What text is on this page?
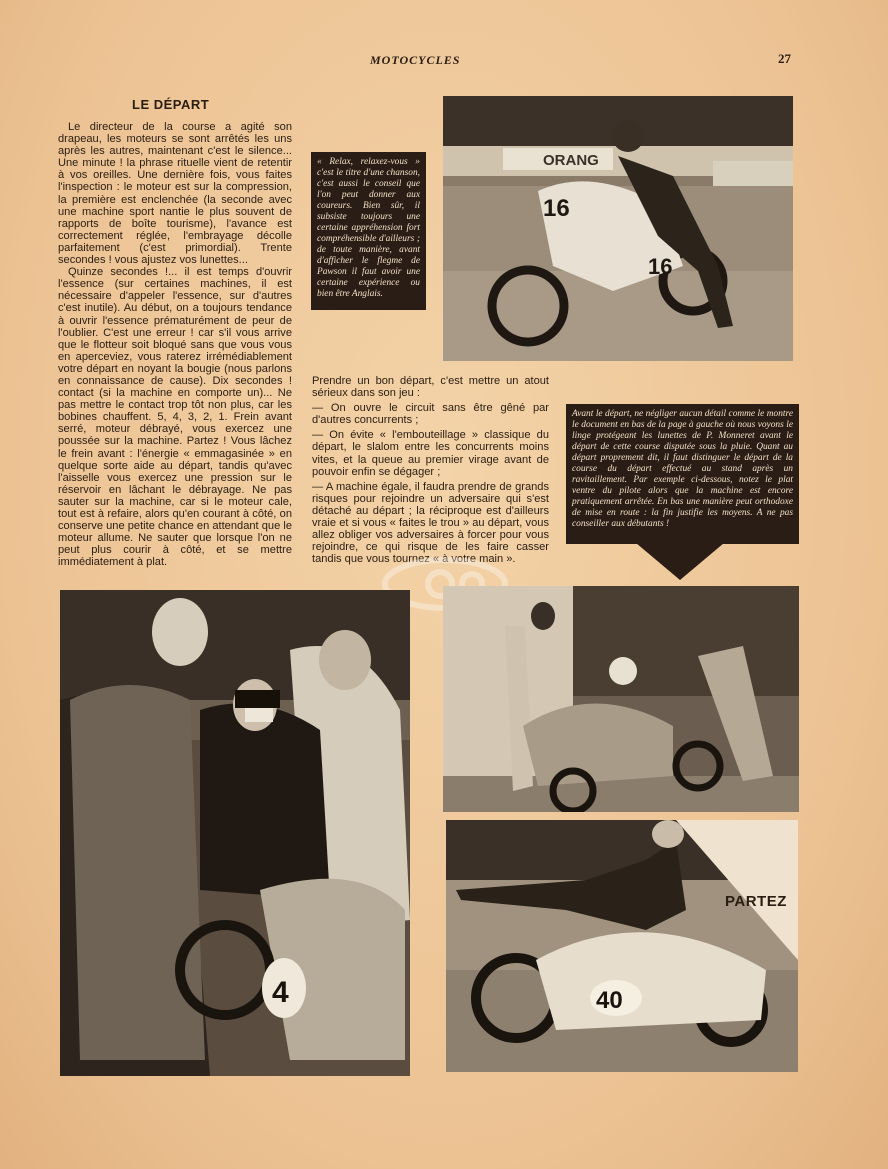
MOTOCYCLES	27
LE DÉPART

Le directeur de la course a agité son drapeau, les moteurs se sont arrêtés les uns après les autres, maintenant c'est le silence... Une minute ! la phrase rituelle vient de retentir à vos oreilles. Une dernière fois, vous faites l'inspection : le moteur est sur la compression, la première est enclenchée (la seconde avec une machine sport nantie le plus souvent de rapports de boîte tourisme), l'avance est correctement réglée, l'embrayage décolle parfaitement (c'est primordial). Trente secondes ! vous ajustez vos lunettes...

Quinze secondes !... il est temps d'ouvrir l'essence (sur certaines machines, il est nécessaire d'appeler l'essence, sur d'autres c'est inutile). Au début, on a toujours tendance à ouvrir l'essence prématurément de peur de l'oublier. C'est une erreur ! car s'il vous arrive que le flotteur soit bloqué sans que vous vous en aperceviez, vous raterez irrémédiablement votre départ en noyant la bougie (nous parlons en connaissance de cause). Dix secondes ! contact (si la machine en comporte un)... Ne pas mettre le contact trop tôt non plus, car les bobines chauffent. 5, 4, 3, 2, 1. Frein avant serré, moteur débrayé, vous exercez une poussée sur la machine. Partez ! Vous lâchez le frein avant : l'énergie « emmagasinée » en quelque sorte aide au départ, tandis qu'avec l'aisselle vous exercez une pression sur le réservoir en lâchant le débrayage. Ne pas sauter sur la machine, car si le moteur cale, tout est à refaire, alors qu'en courant à côté, on conserve une petite chance en attendant que le moteur allume. Ne sauter que lorsque l'on ne peut plus courir à côté, et se mettre immédiatement à plat.

« Relax, relaxez-vous » c'est le titre d'une chanson, c'est aussi le conseil que l'on peut donner aux coureurs. Bien sûr, il subsiste toujours une certaine appréhension fort compréhensible d'ailleurs ; de toute manière, avant d'afficher le flegme de Pawson il faut avoir une certaine expérience ou bien être Anglais.
ORANG
16
16

Prendre un bon départ, c'est mettre un atout sérieux dans son jeu :

— On ouvre le circuit sans être gêné par d'autres concurrents ;

— On évite « l'embouteillage » classique du départ, le slalom entre les concurrents moins vites, et la queue au premier virage avant de pouvoir enfin se dégager ;

— A machine égale, il faudra prendre de grands risques pour rejoindre un adversaire qui s'est détaché au départ ; la réciproque est d'ailleurs vraie et si vous « faites le trou » au départ, vous allez obliger vos adversaires à forcer pour vous rejoindre, ce qui risque de les faire casser tandis que vous tournez « à votre main ».

Avant le départ, ne négliger aucun détail comme le montre le document en bas de la page à gauche où nous voyons le linge protégeant les lunettes de P. Monneret avant le départ de cette course disputée sous la pluie. Quant au départ proprement dit, il faut distinguer le départ de la course du départ effectué au stand après un ravitaillement. Par exemple ci-dessous, notez le plat ventre du pilote alors que la machine est encore pratiquement arrêtée. En bas une manière peut orthodoxe de mise en route : la fin justifie les moyens. A ne pas conseiller aux débutants !
4	40
PARTEZ
